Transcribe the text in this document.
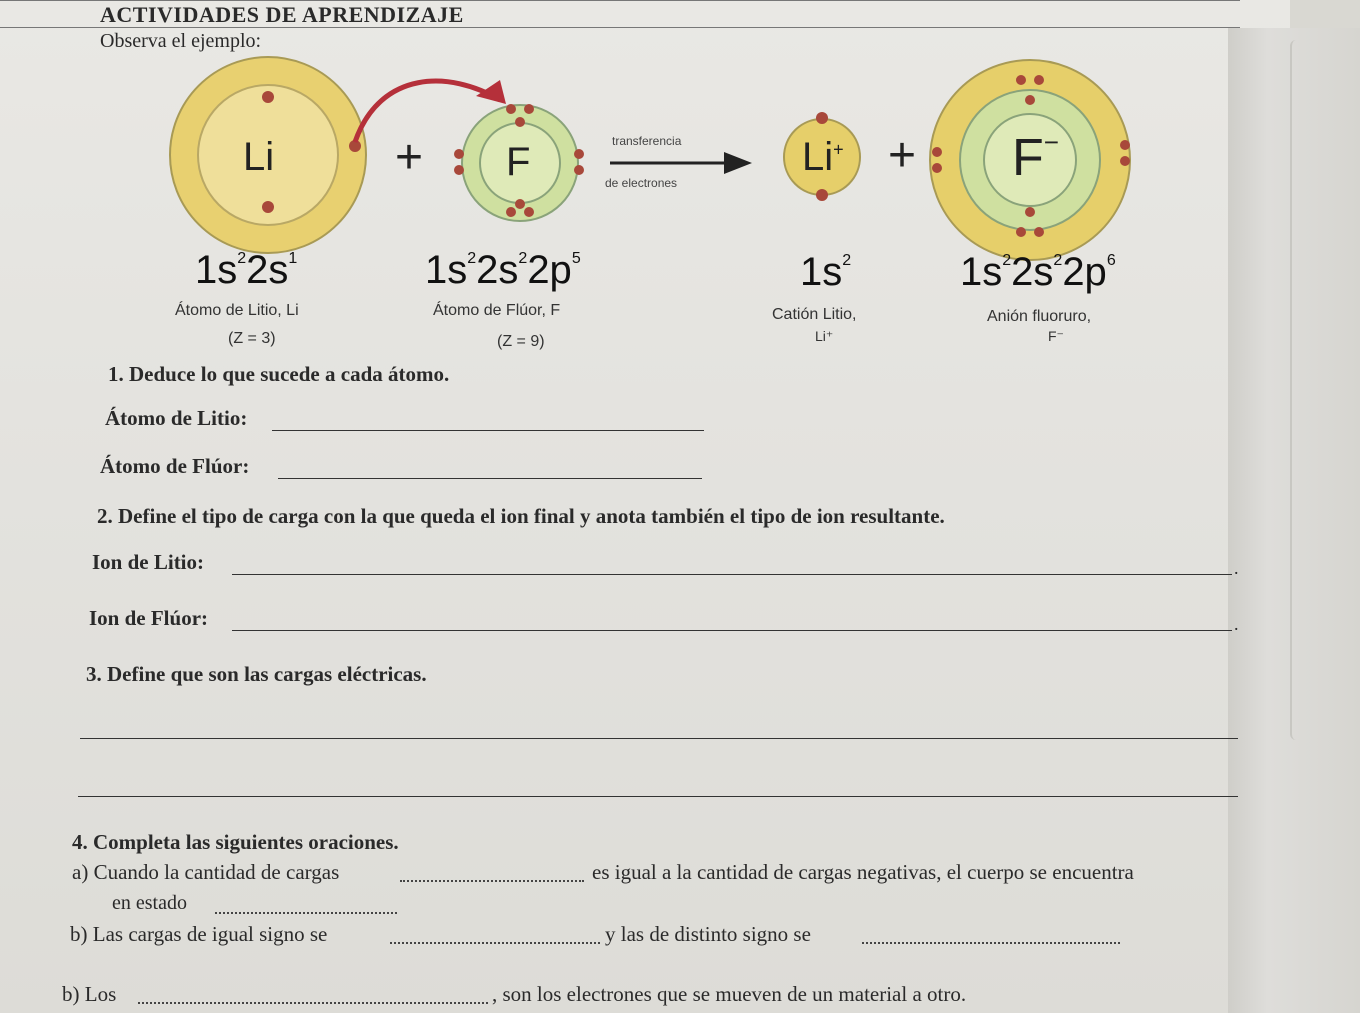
ACTIVIDADES DE APRENDIZAJE
Observa el ejemplo:
Li	+ F	transferencia
de electrones
Li+ + F−
$1s^22s^1$	$1s^22s^22p^5$	$1s^2$	$1s^22s^22p^6$
Átomo de Litio, Li
(Z = 3)
Átomo de Flúor, F
(Z = 9)
Catión Litio,
Li⁺
Anión fluoruro,
F⁻
1. Deduce lo que sucede a cada átomo.
Átomo de Litio:
Átomo de Flúor:
2. Define el tipo de carga con la que queda el ion final y anota también el tipo de ion resultante.
Ion de Litio:	.
Ion de Flúor:	.
3. Define que son las cargas eléctricas.
4. Completa las siguientes oraciones.
a) Cuando la cantidad de cargas	es igual a la cantidad de cargas negativas, el cuerpo se encuentra
en estado
b) Las cargas de igual signo se	y las de distinto signo se
b) Los	, son los electrones que se mueven de un material a otro.
